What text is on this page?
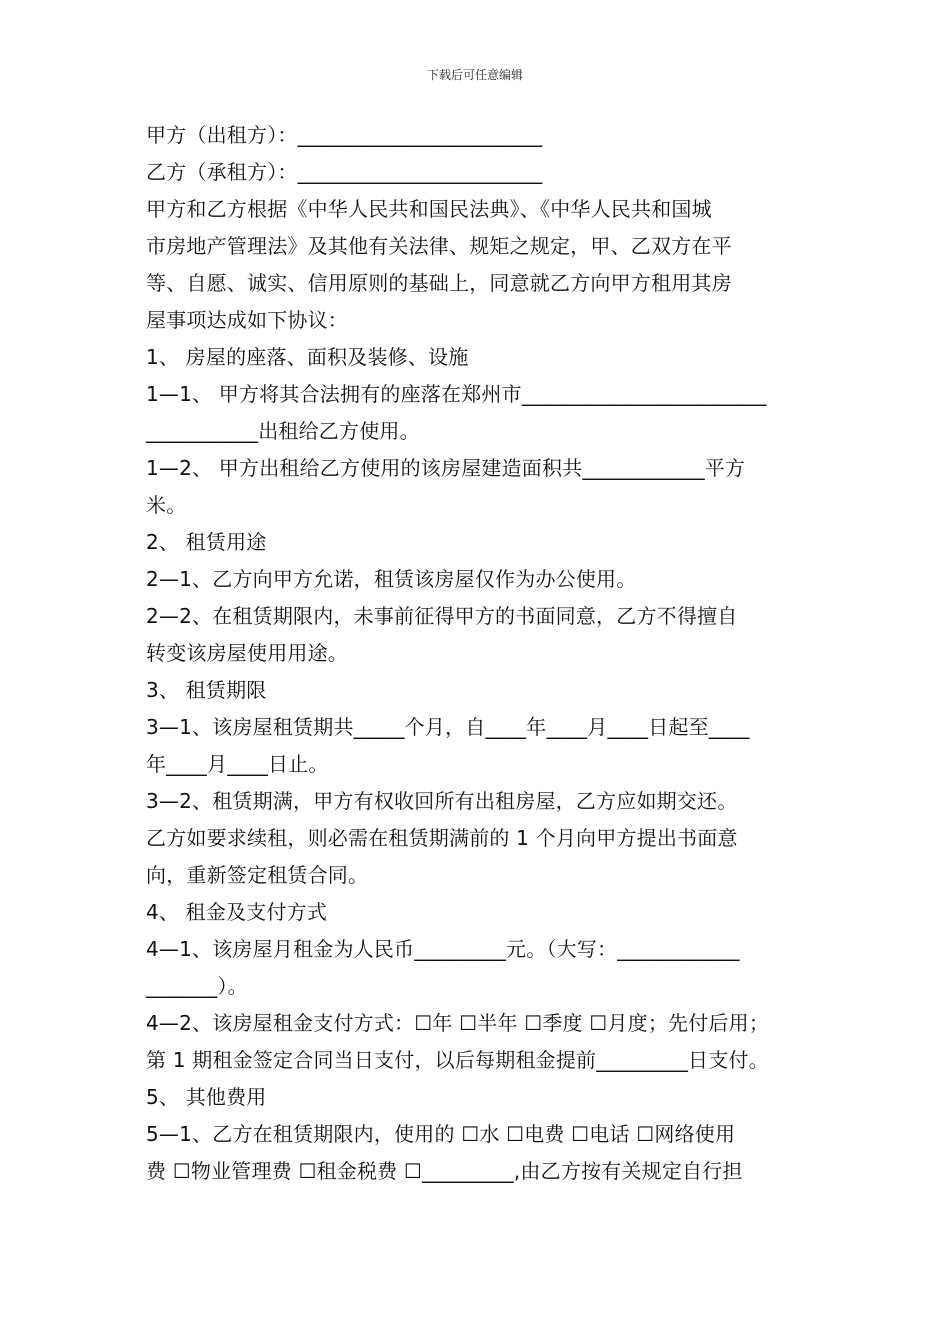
下载后可任意编辑
甲方（出租方）：________________________
乙方（承租方）：________________________
甲方和乙方根据《中华人民共和国民法典》、《中华人民共和国城
市房地产管理法》及其他有关法律、规矩之规定，甲、乙双方在平
等、自愿、诚实、信用原则的基础上，同意就乙方向甲方租用其房
屋事项达成如下协议：
1、 房屋的座落、面积及装修、设施
1—1、 甲方将其合法拥有的座落在郑州市________________________
___________出租给乙方使用。
1—2、 甲方出租给乙方使用的该房屋建造面积共____________平方
米。
2、 租赁用途
2—1、乙方向甲方允诺，租赁该房屋仅作为办公使用。
2—2、在租赁期限内，未事前征得甲方的书面同意，乙方不得擅自
转变该房屋使用用途。
3、 租赁期限
3—1、该房屋租赁期共_____个月，自____年____月____日起至____
年____月____日止。
3—2、租赁期满，甲方有权收回所有出租房屋，乙方应如期交还。
乙方如要求续租，则必需在租赁期满前的 1 个月向甲方提出书面意
向，重新签定租赁合同。
4、 租金及支付方式
4—1、该房屋月租金为人民币_________元。（大写：____________
_______）。
4—2、该房屋租金支付方式：☐年 ☐半年 ☐季度 ☐月度；先付后用；
第 1 期租金签定合同当日支付，以后每期租金提前_________日支付。
5、 其他费用
5—1、乙方在租赁期限内，使用的 ☐水 ☐电费 ☐电话 ☐网络使用
费 ☐物业管理费 ☐租金税费 ☐_________,由乙方按有关规定自行担
